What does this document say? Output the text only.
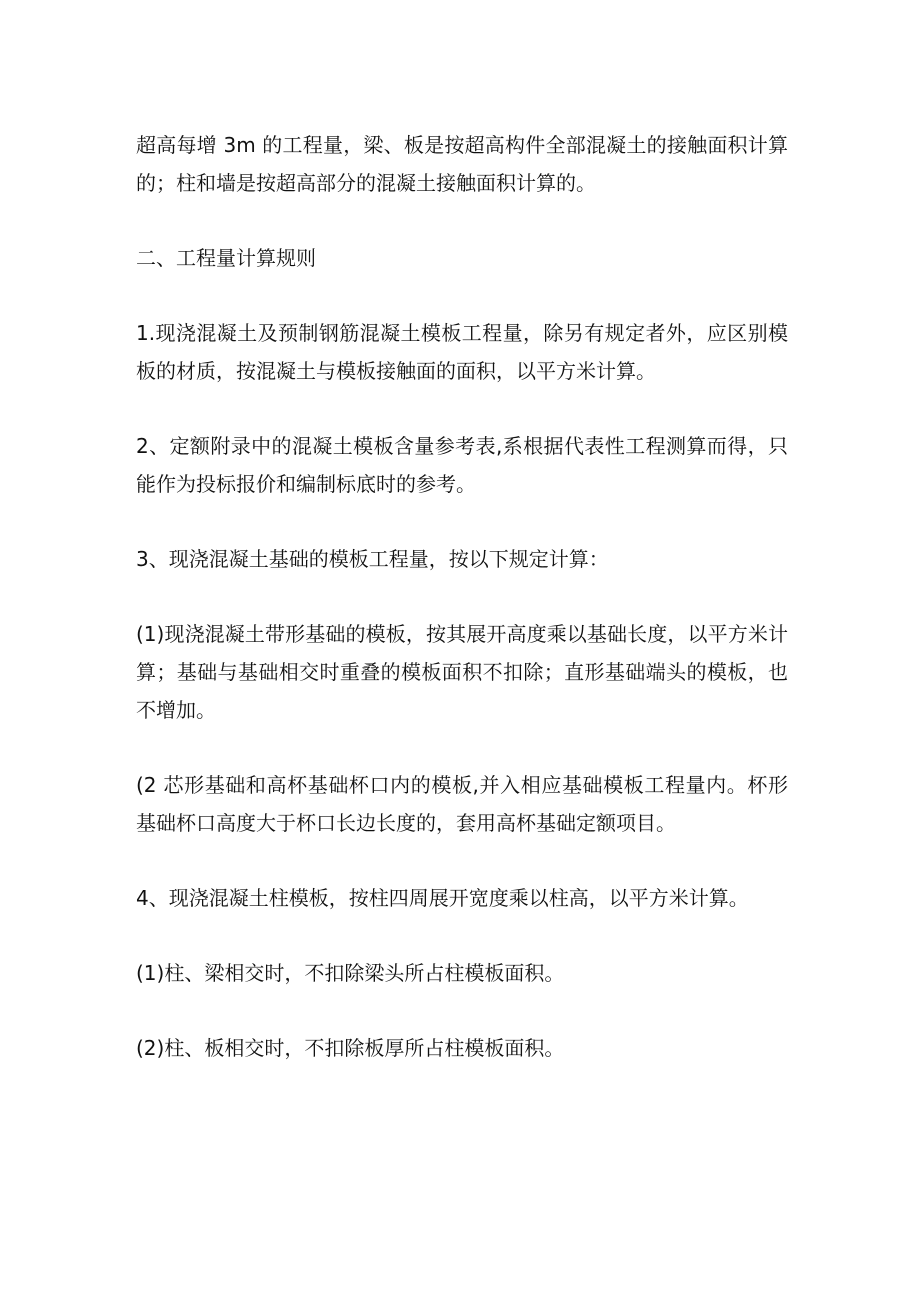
超高每增 3m 的工程量，梁、板是按超高构件全部混凝土的接触面积计算的；柱和墙是按超高部分的混凝土接触面积计算的。

二、工程量计算规则

1.现浇混凝土及预制钢筋混凝土模板工程量，除另有规定者外，应区别模板的材质，按混凝土与模板接触面的面积，以平方米计算。

2、定额附录中的混凝土模板含量参考表,系根据代表性工程测算而得，只能作为投标报价和编制标底时的参考。

3、现浇混凝土基础的模板工程量，按以下规定计算：

(1)现浇混凝土带形基础的模板，按其展开高度乘以基础长度，以平方米计算；基础与基础相交时重叠的模板面积不扣除；直形基础端头的模板，也不增加。

(2 芯形基础和高杯基础杯口内的模板,并入相应基础模板工程量内。杯形基础杯口高度大于杯口长边长度的，套用高杯基础定额项目。

4、现浇混凝土柱模板，按柱四周展开宽度乘以柱高，以平方米计算。

(1)柱、梁相交时，不扣除梁头所占柱模板面积。

(2)柱、板相交时，不扣除板厚所占柱模板面积。
